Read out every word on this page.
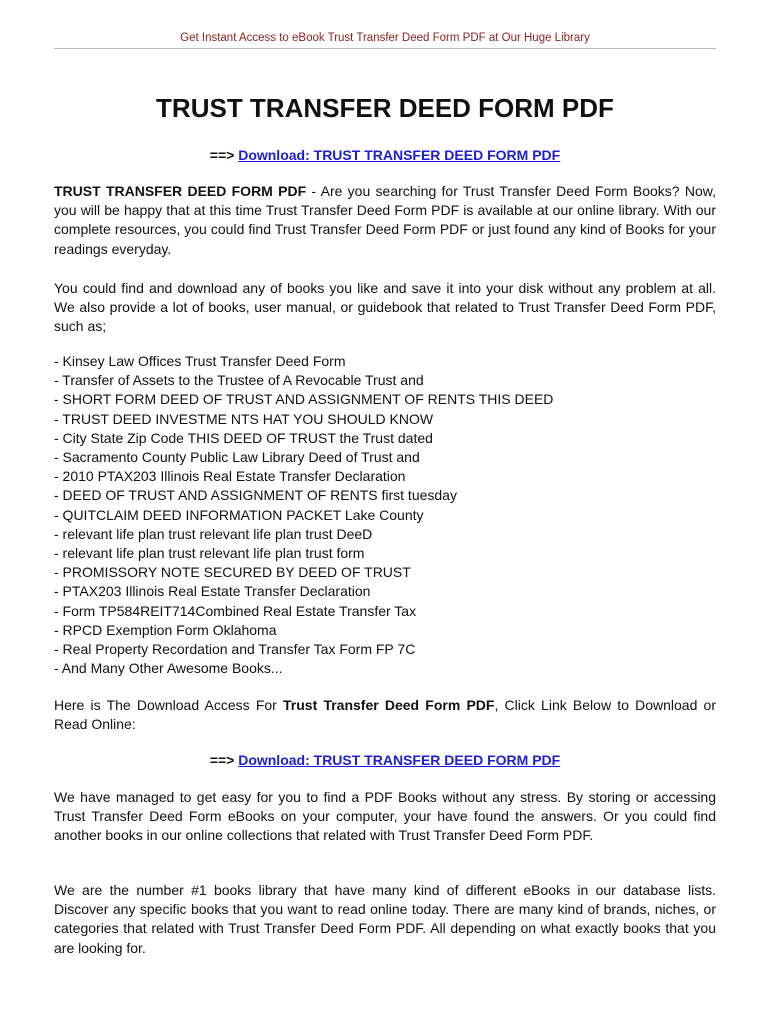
Get Instant Access to eBook Trust Transfer Deed Form PDF at Our Huge Library
TRUST TRANSFER DEED FORM PDF
==> Download: TRUST TRANSFER DEED FORM PDF

TRUST TRANSFER DEED FORM PDF - Are you searching for Trust Transfer Deed Form Books? Now, you will be happy that at this time Trust Transfer Deed Form PDF is available at our online library. With our complete resources, you could find Trust Transfer Deed Form PDF or just found any kind of Books for your readings everyday.

You could find and download any of books you like and save it into your disk without any problem at all. We also provide a lot of books, user manual, or guidebook that related to Trust Transfer Deed Form PDF, such as;

- Kinsey Law Offices Trust Transfer Deed Form
- Transfer of Assets to the Trustee of A Revocable Trust and
- SHORT FORM DEED OF TRUST AND ASSIGNMENT OF RENTS THIS DEED
- TRUST DEED INVESTME NTS HAT YOU SHOULD KNOW
- City State Zip Code THIS DEED OF TRUST the Trust dated
- Sacramento County Public Law Library Deed of Trust and
- 2010 PTAX203 Illinois Real Estate Transfer Declaration
- DEED OF TRUST AND ASSIGNMENT OF RENTS first tuesday
- QUITCLAIM DEED INFORMATION PACKET Lake County
- relevant life plan trust relevant life plan trust DeeD
- relevant life plan trust relevant life plan trust form
- PROMISSORY NOTE SECURED BY DEED OF TRUST
- PTAX203 Illinois Real Estate Transfer Declaration
- Form TP584REIT714Combined Real Estate Transfer Tax
- RPCD Exemption Form Oklahoma
- Real Property Recordation and Transfer Tax Form FP 7C
- And Many Other Awesome Books...

Here is The Download Access For Trust Transfer Deed Form PDF, Click Link Below to Download or Read Online:

==> Download: TRUST TRANSFER DEED FORM PDF

We have managed to get easy for you to find a PDF Books without any stress. By storing or accessing Trust Transfer Deed Form eBooks on your computer, your have found the answers. Or you could find another books in our online collections that related with Trust Transfer Deed Form PDF.

We are the number #1 books library that have many kind of different eBooks in our database lists. Discover any specific books that you want to read online today. There are many kind of brands, niches, or categories that related with Trust Transfer Deed Form PDF. All depending on what exactly books that you are looking for.
